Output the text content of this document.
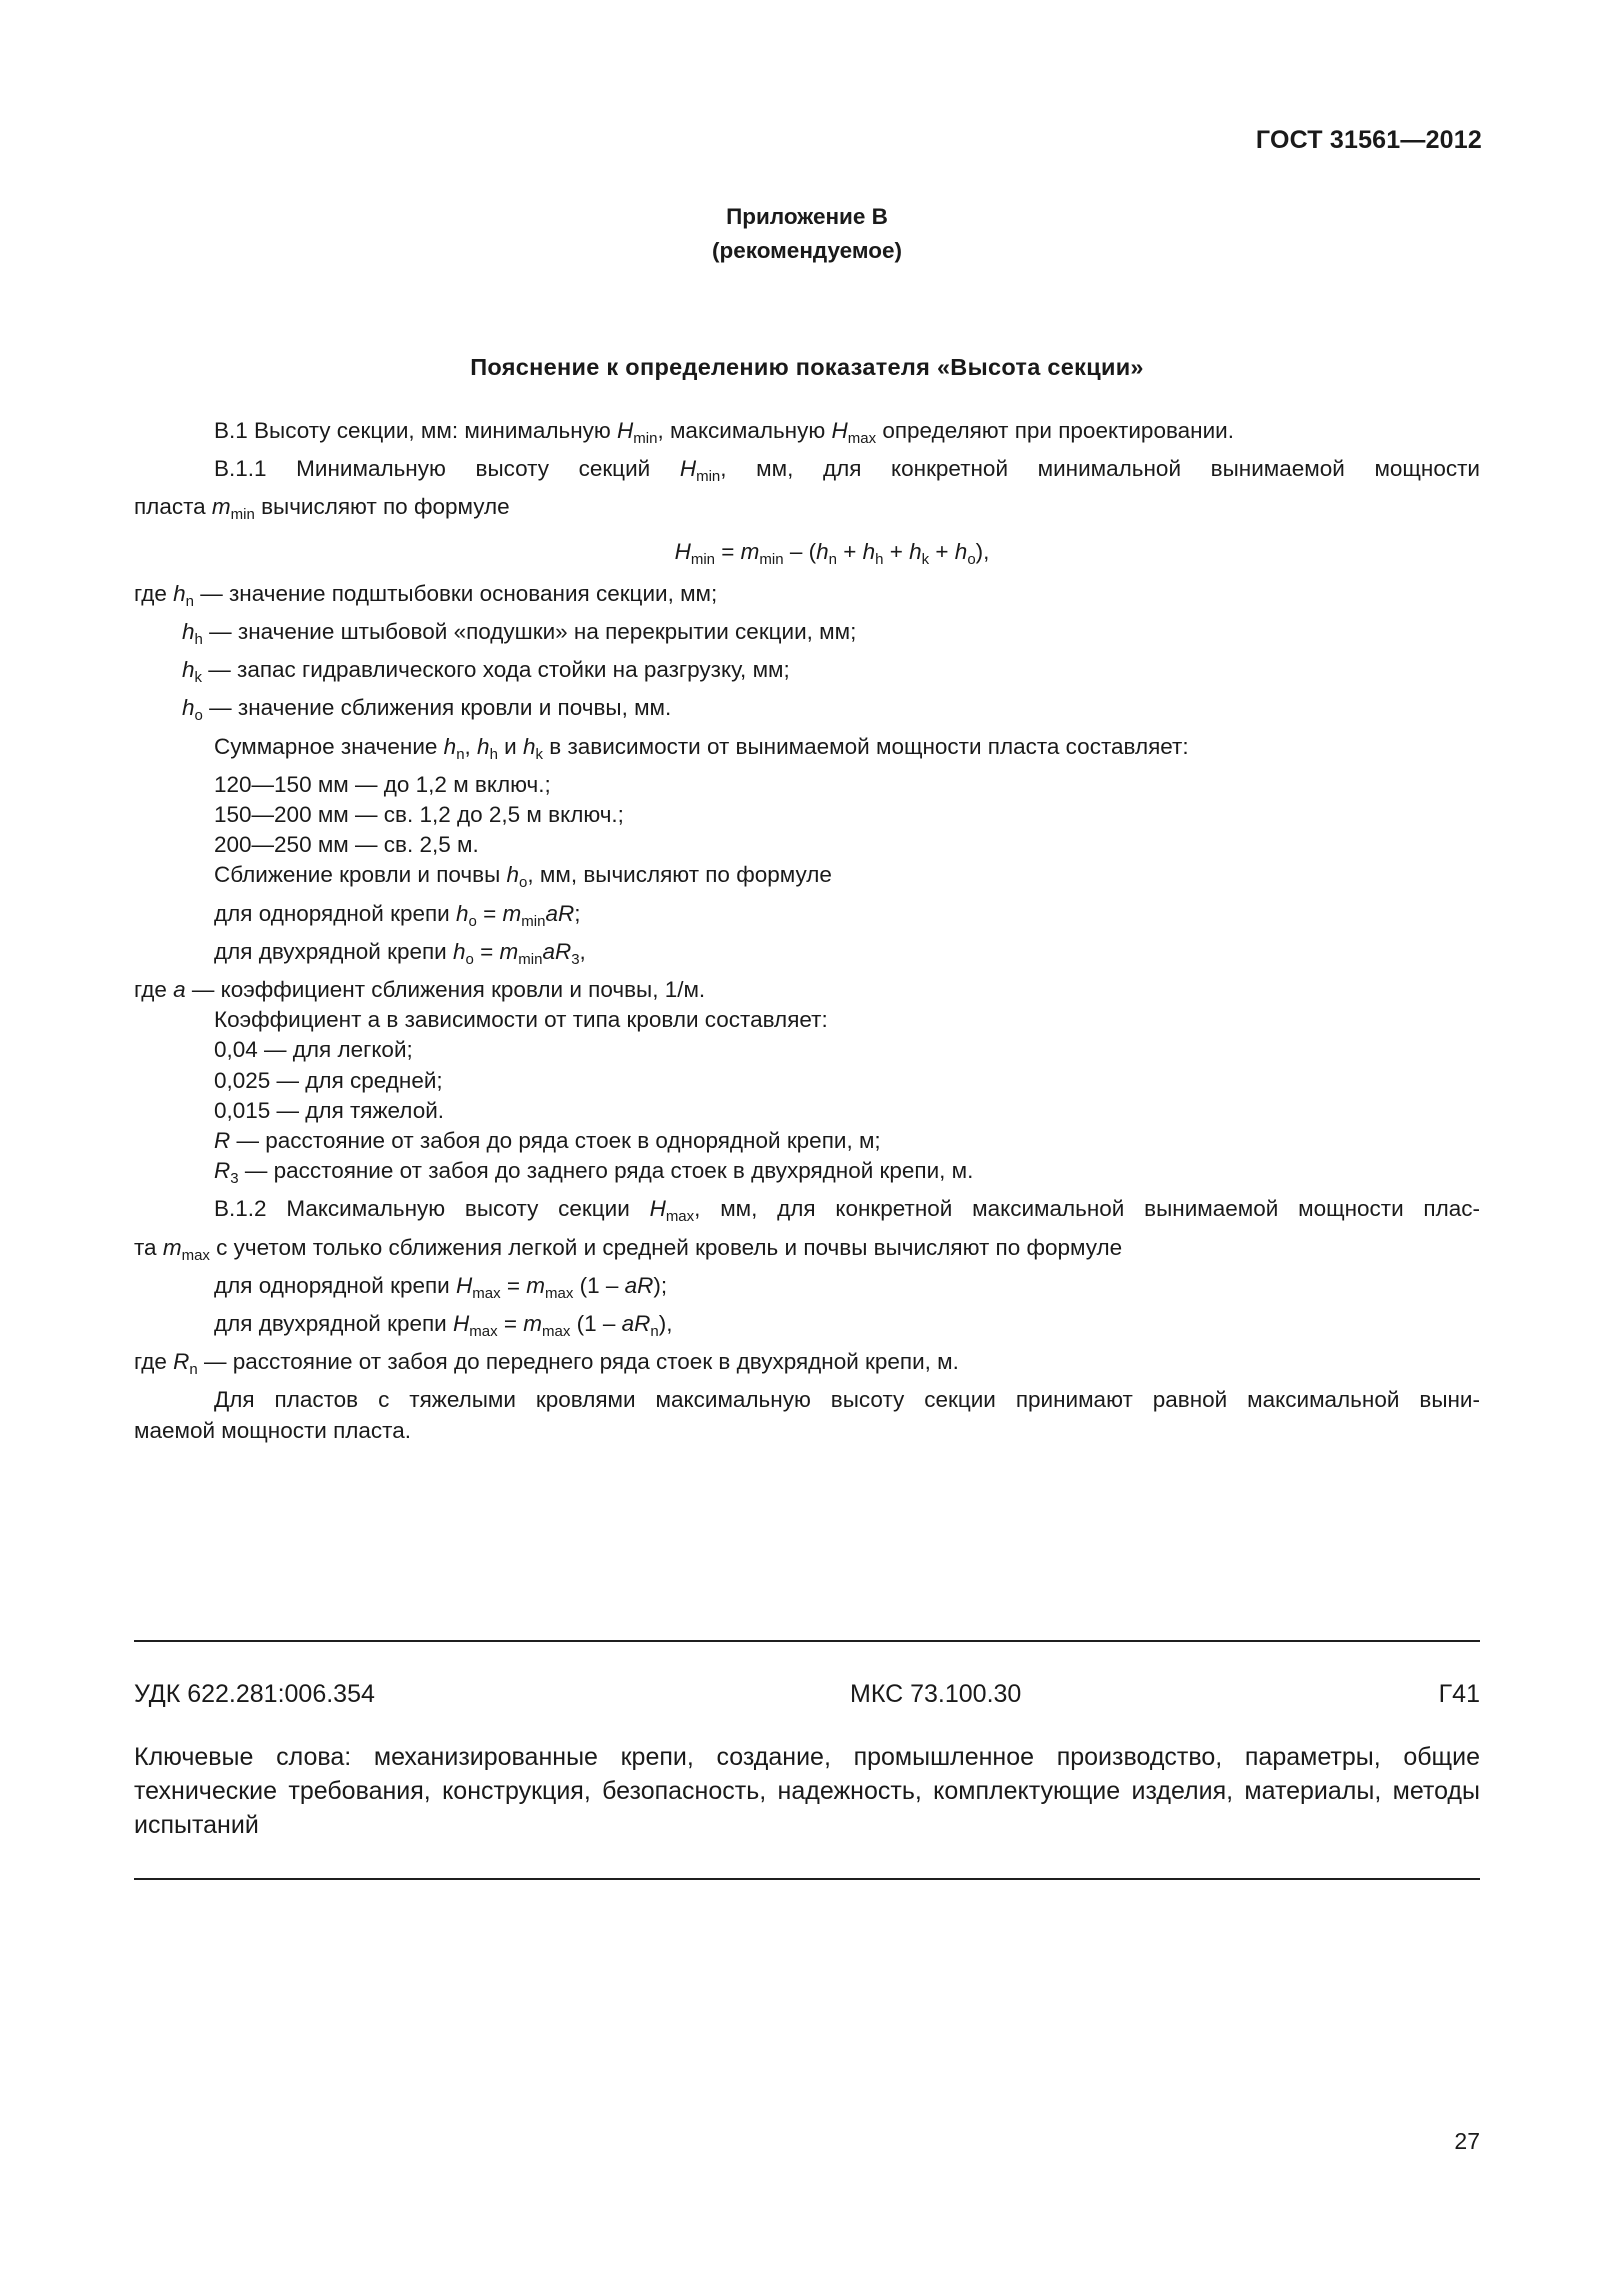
ГОСТ 31561—2012
Приложение В
(рекомендуемое)
Пояснение к определению показателя «Высота секции»
В.1 Высоту секции, мм: минимальную $H_{min}$, максимальную $H_{max}$ определяют при проектировании.
В.1.1 Минимальную высоту секций $H_{min}$, мм, для конкретной минимальной вынимаемой мощности
пласта $m_{min}$ вычисляют по формуле
$H_{min} = m_{min} - (h_n + h_h + h_k + h_o)$,
где $h_n$ — значение подштыбовки основания секции, мм;
$h_h$ — значение штыбовой «подушки» на перекрытии секции, мм;
$h_k$ — запас гидравлического хода стойки на разгрузку, мм;
$h_o$ — значение сближения кровли и почвы, мм.
Суммарное значение $h_n$, $h_h$ и $h_k$ в зависимости от вынимаемой мощности пласта составляет:
120—150 мм — до 1,2 м включ.;
150—200 мм — св. 1,2 до 2,5 м включ.;
200—250 мм — св. 2,5 м.
Сближение кровли и почвы $h_o$, мм, вычисляют по формуле
для однорядной крепи $h_o = m_{min}aR$;
для двухрядной крепи $h_o = m_{min}aR_3$,
где a — коэффициент сближения кровли и почвы, 1/м.
Коэффициент а в зависимости от типа кровли составляет:
0,04 — для легкой;
0,025 — для средней;
0,015 — для тяжелой.
R — расстояние от забоя до ряда стоек в однорядной крепи, м;
$R_3$ — расстояние от забоя до заднего ряда стоек в двухрядной крепи, м.
В.1.2 Максимальную высоту секции $H_{max}$, мм, для конкретной максимальной вынимаемой мощности плас-
та $m_{max}$ с учетом только сближения легкой и средней кровель и почвы вычисляют по формуле
для однорядной крепи $H_{max} = m_{max}$ (1 – aR);
для двухрядной крепи $H_{max} = m_{max}$ $(1 - aR_n)$,
где $R_n$ — расстояние от забоя до переднего ряда стоек в двухрядной крепи, м.
Для пластов с тяжелыми кровлями максимальную высоту секции принимают равной максимальной выни-
маемой мощности пласта.
УДК 622.281:006.354	МКС 73.100.30	Г41
Ключевые слова: механизированные крепи, создание, промышленное производство, параметры, общие технические требования, конструкция, безопасность, надежность, комплектующие изделия, материалы, методы испытаний
27
